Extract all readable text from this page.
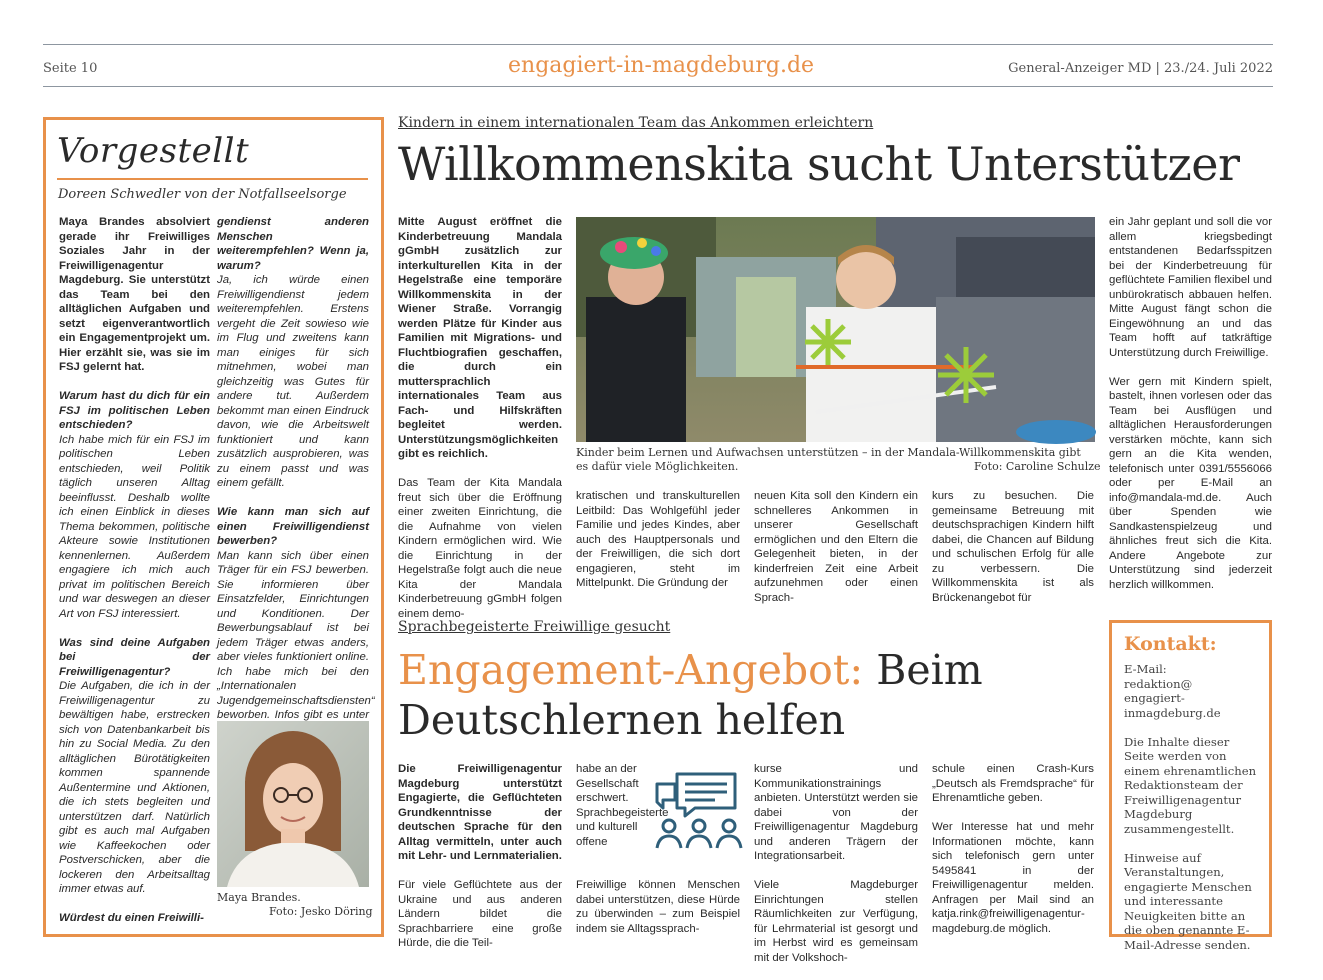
Seite 10	engagiert-in-magdeburg.de	General-Anzeiger MD | 23./24. Juli 2022
Vorgestellt
Doreen Schwedler von der Notfallseelsorge

Maya Brandes absolviert gerade ihr Freiwilliges Soziales Jahr in der Freiwilligenagentur Magdeburg. Sie unterstützt das Team bei den alltäglichen Aufgaben und setzt eigenverantwortlich ein Engagementprojekt um. Hier erzählt sie, was sie im FSJ gelernt hat.

Warum hast du dich für ein FSJ im politischen Leben entschieden?

Ich habe mich für ein FSJ im politischen Leben entschieden, weil Politik täglich unseren Alltag beeinflusst. Deshalb wollte ich einen Einblick in dieses Thema bekommen, politische Akteure sowie Institutionen kennenlernen. Außerdem engagiere ich mich auch privat im politischen Bereich und war deswegen an dieser Art von FSJ interessiert.

Was sind deine Aufgaben bei der Freiwilligenagentur?

Die Aufgaben, die ich in der Freiwilligenagentur zu bewältigen habe, erstrecken sich von Datenbankarbeit bis hin zu Social Media. Zu den alltäglichen Bürotätigkeiten kommen spannende Außentermine und Aktionen, die ich stets begleiten und unterstützen darf. Natürlich gibt es auch mal Aufgaben wie Kaffeekochen oder Postverschicken, aber die lockeren den Arbeitsalltag immer etwas auf.

Würdest du einen Freiwilli-
gendienst anderen Menschen weiterempfehlen? Wenn ja, warum?

Ja, ich würde einen Freiwilligendienst jedem weiterempfehlen. Erstens vergeht die Zeit sowieso wie im Flug und zweitens kann man einiges für sich mitnehmen, wobei man gleichzeitig was Gutes für andere tut. Außerdem bekommt man einen Eindruck davon, wie die Arbeitswelt funktioniert und kann zusätzlich ausprobieren, was zu einem passt und was einem gefällt.

Wie kann man sich auf einen Freiwilligendienst bewerben?

Man kann sich über einen Träger für ein FSJ bewerben. Sie informieren über Einsatzfelder, Einrichtungen und Konditionen. Der Bewerbungsablauf ist bei jedem Träger etwas anders, aber vieles funktioniert online. Ich habe mich bei den „Internationalen Jugendgemeinschaftsdiensten“ beworben. Infos gibt es unter

Maya Brandes.
Foto: Jesko Döring
Kindern in einem internationalen Team das Ankommen erleichtern
Willkommenskita sucht Unterstützer

Mitte August eröffnet die Kinderbetreuung Mandala gGmbH zusätzlich zur interkulturellen Kita in der Hegelstraße eine temporäre Willkommenskita in der Wiener Straße. Vorrangig werden Plätze für Kinder aus Familien mit Migrations- und Fluchtbiografien geschaffen, die durch ein muttersprachlich internationales Team aus Fach- und Hilfskräften begleitet werden. Unterstützungsmöglichkeiten gibt es reichlich.

Das Team der Kita Mandala freut sich über die Eröffnung einer zweiten Einrichtung, die die Aufnahme von vielen Kindern ermöglichen wird. Wie die Einrichtung in der Hegelstraße folgt auch die neue Kita der Mandala Kinderbetreuung gGmbH folgen einem demo-

Kinder beim Lernen und Aufwachsen unterstützen – in der Mandala-Willkommenskita gibt es dafür viele Möglichkeiten.	Foto: Caroline Schulze

kratischen und transkulturellen Leitbild: Das Wohlgefühl jeder Familie und jedes Kindes, aber auch des Hauptpersonals und der Freiwilligen, die sich dort engagieren, steht im Mittelpunkt. Die Gründung der

neuen Kita soll den Kindern ein schnelleres Ankommen in unserer Gesellschaft ermöglichen und den Eltern die Gelegenheit bieten, in der kinderfreien Zeit eine Arbeit aufzunehmen oder einen Sprach-

kurs zu besuchen. Die gemeinsame Betreuung mit deutschsprachigen Kindern hilft dabei, die Chancen auf Bildung und schulischen Erfolg für alle zu verbessern. Die Willkommenskita ist als Brückenangebot für

ein Jahr geplant und soll die vor allem kriegsbedingt entstandenen Bedarfsspitzen bei der Kinderbetreuung für geflüchtete Familien flexibel und unbürokratisch abbauen helfen. Mitte August fängt schon die Eingewöhnung an und das Team hofft auf tatkräftige Unterstützung durch Freiwillige.

Wer gern mit Kindern spielt, bastelt, ihnen vorlesen oder das Team bei Ausflügen und alltäglichen Herausforderungen verstärken möchte, kann sich gern an die Kita wenden, telefonisch unter 0391/5556066 oder per E-Mail an info@mandala-md.de. Auch über Spenden wie Sandkastenspielzeug und ähnliches freut sich die Kita. Andere Angebote zur Unterstützung sind jederzeit herzlich willkommen.

Sprachbegeisterte Freiwillige gesucht
Engagement-Angebot: Beim
Deutschlernen helfen

Die Freiwilligenagentur Magdeburg unterstützt Engagierte, die Geflüchteten Grundkenntnisse der deutschen Sprache für den Alltag vermitteln, unter auch mit Lehr- und Lernmaterialien.

Für viele Geflüchtete aus der Ukraine und aus anderen Ländern bildet die Sprachbarriere eine große Hürde, die die Teil-

habe an der Gesellschaft erschwert. Sprachbegeisterte und kulturell offene

Freiwillige können Menschen dabei unterstützen, diese Hürde zu überwinden – zum Beispiel indem sie Alltagssprach-

kurse und Kommunikationstrainings anbieten. Unterstützt werden sie dabei von der Freiwilligenagentur Magdeburg und anderen Trägern der Integrationsarbeit.

Viele Magdeburger Einrichtungen stellen Räumlichkeiten zur Verfügung, für Lehrmaterial ist gesorgt und im Herbst wird es gemeinsam mit der Volkshoch-

schule einen Crash-Kurs „Deutsch als Fremdsprache“ für Ehrenamtliche geben.

Wer Interesse hat und mehr Informationen möchte, kann sich telefonisch gern unter 5495841 in der Freiwilligenagentur melden. Anfragen per Mail sind an katja.rink@freiwilligenagentur-magdeburg.de möglich.

Kontakt:

E-Mail:
redaktion@
engagiert-
inmagdeburg.de

Die Inhalte dieser Seite werden von einem ehrenamtlichen Redaktionsteam der Freiwilligenagentur Magdeburg zusammengestellt.

Hinweise auf Veranstaltungen, engagierte Menschen und interessante Neuigkeiten bitte an die oben genannte E-Mail-Adresse senden.
